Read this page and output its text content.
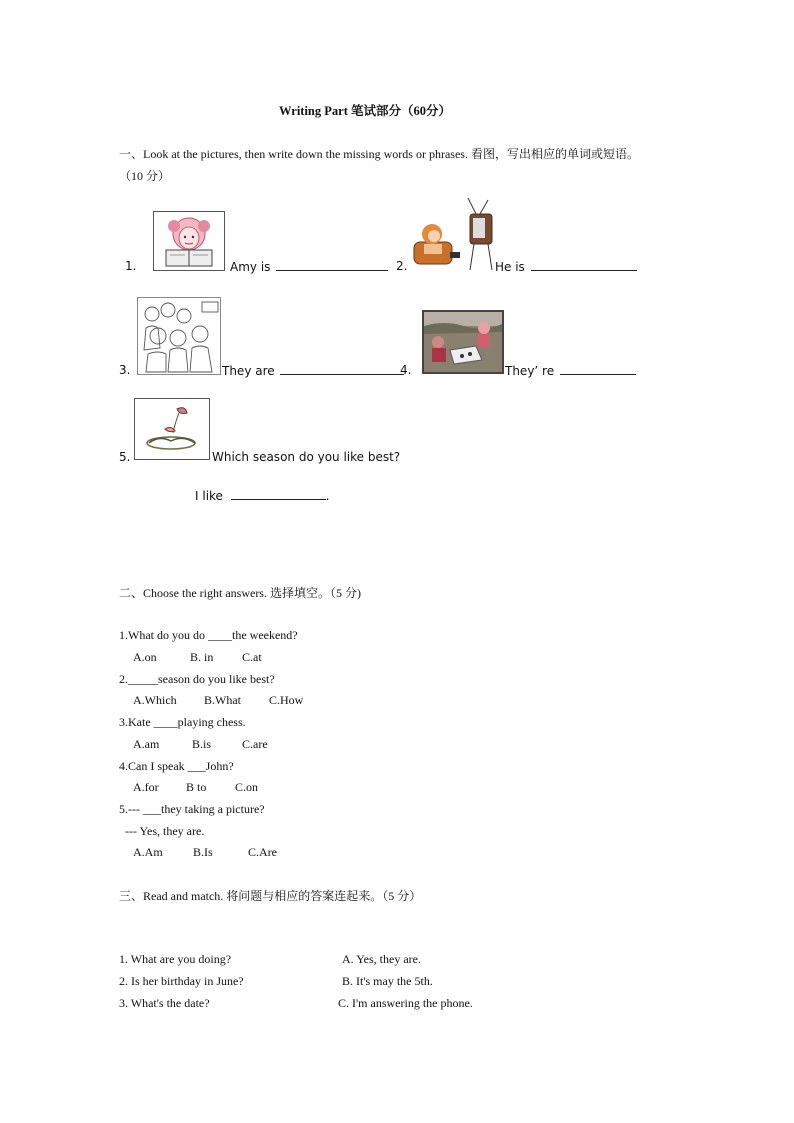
Writing Part 笔试部分（60分）
一、Look at the pictures, then write down the missing words or phrases. 看图，写出相应的单词或短语。
（10 分）
1.	Amy is	2.	He is
3.	They are	4.	They’ re
5.	Which season do you like best?
I like	.
二、Choose the right answers. 选择填空。（5 分)
1.What do you do ____the weekend?
A.on	B. in C.at
2._____season do you like best?
A.Which B.What C.How
3.Kate ____playing chess.
A.am	B.is	C.are
4.Can I speak ___John?
A.for B to C.on
5.--- ___they taking a picture?
--- Yes, they are.
A.Am	B.Is	C.Are
三、Read and match. 将问题与相应的答案连起来。（5 分）
1. What are you doing?	A. Yes, they are.
2. Is her birthday in June?	B. It's may the 5th.
3. What's the date?	C. I'm answering the phone.
